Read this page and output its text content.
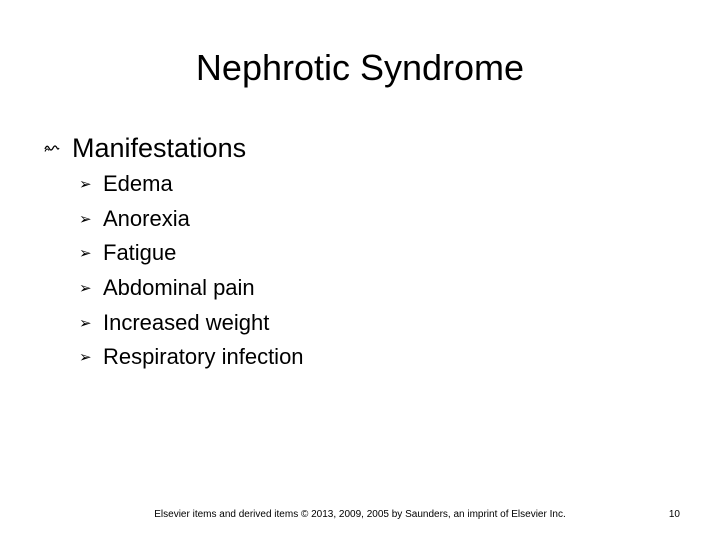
Nephrotic Syndrome
Manifestations
➢ Edema
➢ Anorexia
➢ Fatigue
➢ Abdominal pain
➢ Increased weight
➢ Respiratory infection
Elsevier items and derived items © 2013, 2009, 2005 by Saunders, an imprint of Elsevier Inc.	10
